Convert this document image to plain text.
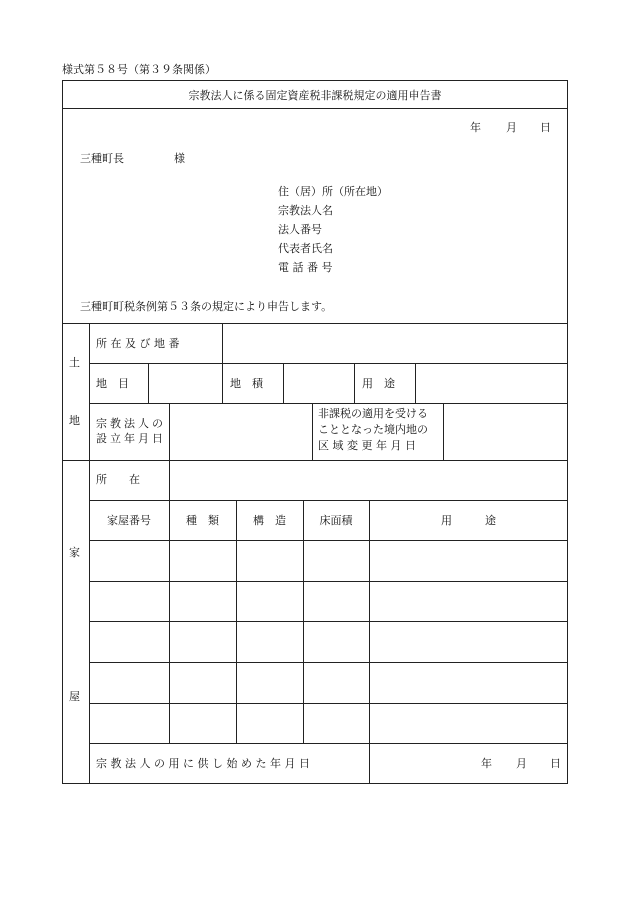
様式第５８号（第３９条関係）
宗教法人に係る固定資産税非課税規定の適用申告書
年 月 日
三種町長	様
住（居）所（所在地）
宗教法人名
法人番号
代表者氏名
電 話 番 号
三種町町税条例第５３条の規定により申告します。
土
地
所 在 及 び 地 番
地　目	地　積	用　途
宗教法人の
設立年月日
非課税の適用を受ける
こととなった境内地の
区 域 変 更 年 月 日
家
屋
所　　在
家屋番号	種　類	構　造	床面積	用　　　途
宗 教 法 人 の 用 に 供 し 始 め た 年 月 日	年 月 日
